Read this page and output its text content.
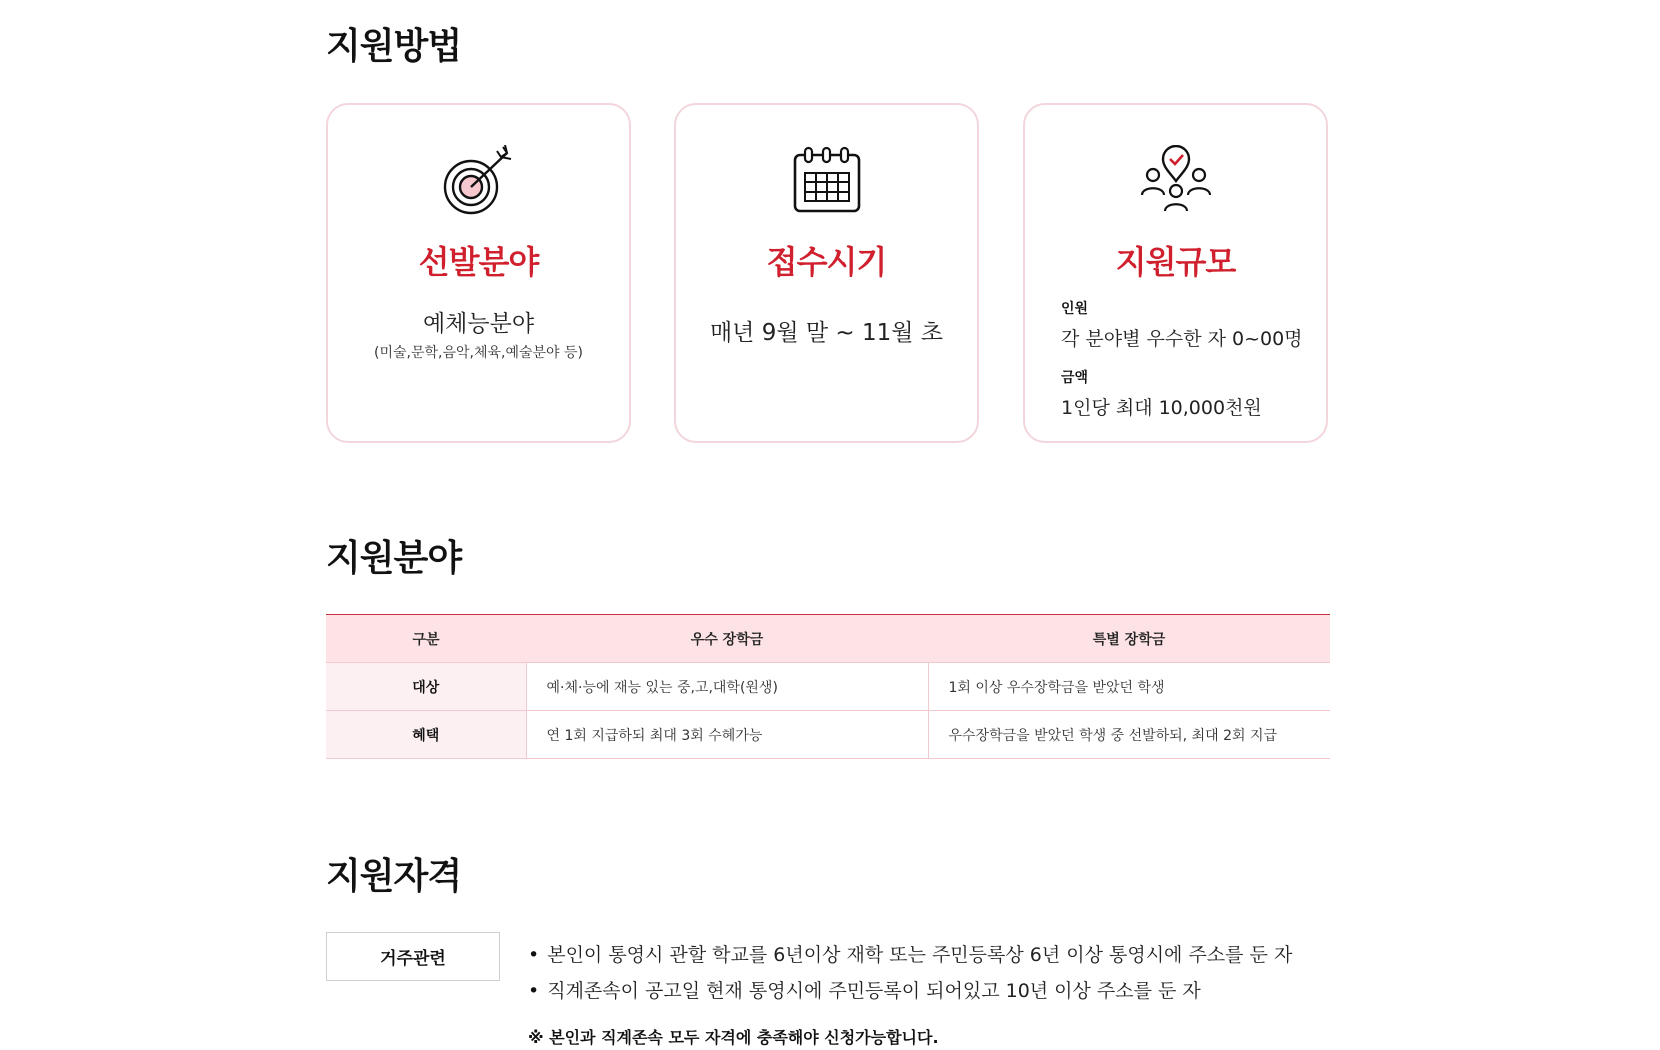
지원방법
선발분야
예체능분야
(미술,문학,음악,체육,예술분야 등)
접수시기
매년 9월 말 ~ 11월 초
지원규모
인원
각 분야별 우수한 자 0~00명
금액
1인당 최대 10,000천원
지원분야
구분	우수 장학금	특별 장학금
대상	예·체·능에 재능 있는 중,고,대학(원생)	1회 이상 우수장학금을 받았던 학생
혜택	연 1회 지급하되 최대 3회 수혜가능	우수장학금을 받았던 학생 중 선발하되, 최대 2회 지급
지원자격
거주관련	• 본인이 통영시 관할 학교를 6년이상 재학 또는 주민등록상 6년 이상 통영시에 주소를 둔 자
• 직계존속이 공고일 현재 통영시에 주민등록이 되어있고 10년 이상 주소를 둔 자
※ 본인과 직계존속 모두 자격에 충족해야 신청가능합니다.
